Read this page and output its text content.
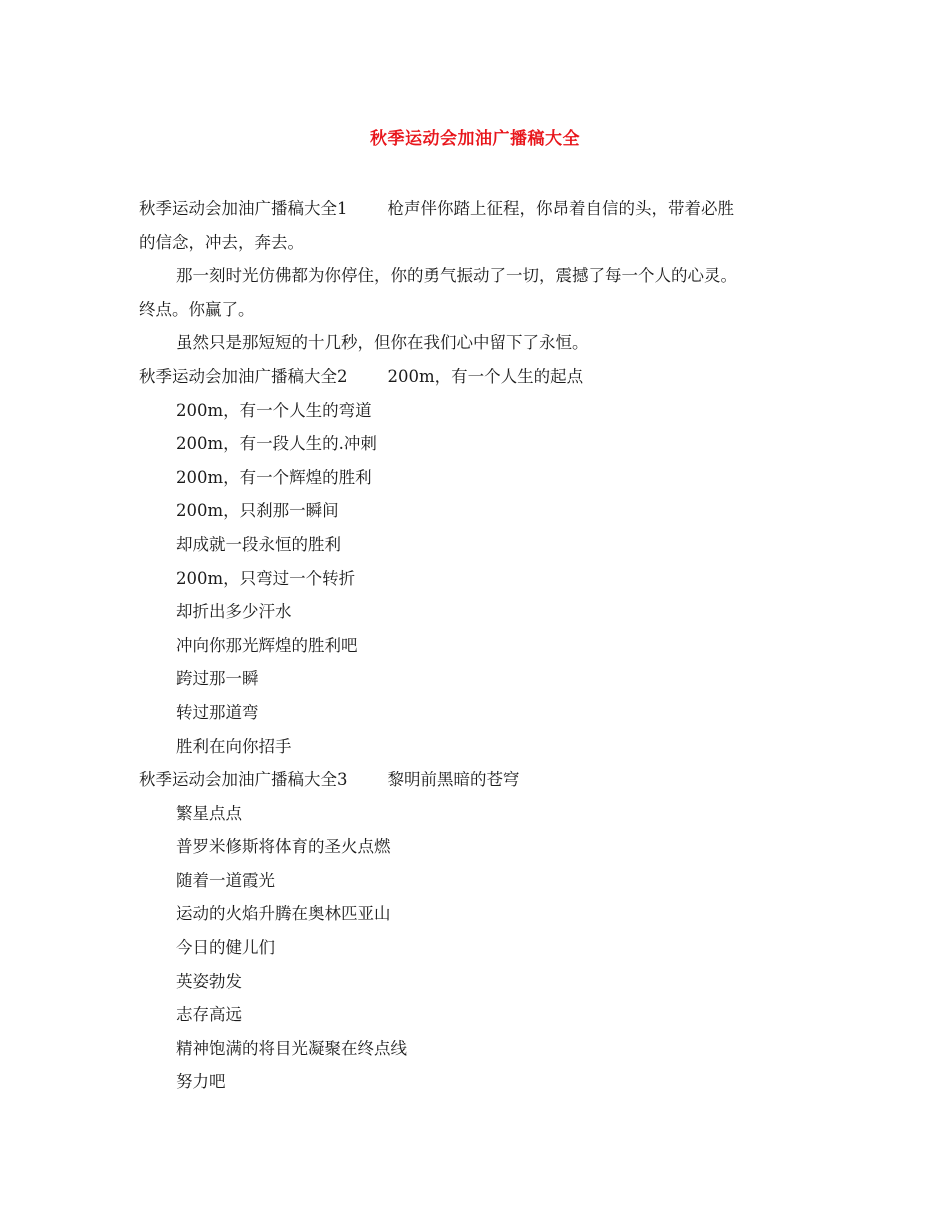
秋季运动会加油广播稿大全
秋季运动会加油广播稿大全1 枪声伴你踏上征程，你昂着自信的头，带着必胜
的信念，冲去，奔去。
那一刻时光仿佛都为你停住，你的勇气振动了一切，震撼了每一个人的心灵。
终点。你赢了。
虽然只是那短短的十几秒，但你在我们心中留下了永恒。
秋季运动会加油广播稿大全2 200m，有一个人生的起点
200m，有一个人生的弯道
200m，有一段人生的.冲刺
200m，有一个辉煌的胜利
200m，只刹那一瞬间
却成就一段永恒的胜利
200m，只弯过一个转折
却折出多少汗水
冲向你那光辉煌的胜利吧
跨过那一瞬
转过那道弯
胜利在向你招手
秋季运动会加油广播稿大全3 黎明前黑暗的苍穹
繁星点点
普罗米修斯将体育的圣火点燃
随着一道霞光
运动的火焰升腾在奥林匹亚山
今日的健儿们
英姿勃发
志存高远
精神饱满的将目光凝聚在终点线
努力吧
